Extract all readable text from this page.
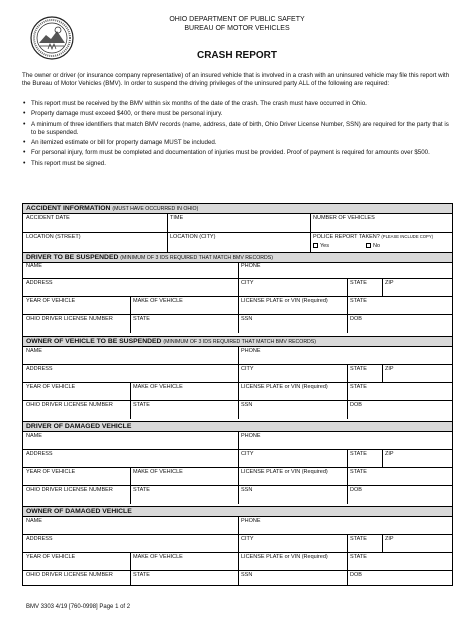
OHIO DEPARTMENT OF PUBLIC SAFETY
BUREAU OF MOTOR VEHICLES
CRASH REPORT
The owner or driver (or insurance company representative) of an insured vehicle that is involved in a crash with an uninsured vehicle may file this report with the Bureau of Motor Vehicles (BMV). In order to suspend the driving privileges of the uninsured party ALL of the following are required:
• This report must be received by the BMV within six months of the date of the crash. The crash must have occurred in Ohio.
• Property damage must exceed $400, or there must be personal injury.
• A minimum of three identifiers that match BMV records (name, address, date of birth, Ohio Driver License Number, SSN) are required for the party that is to be suspended.
• An itemized estimate or bill for property damage MUST be included.
• For personal injury, form must be completed and documentation of injuries must be provided. Proof of payment is required for amounts over $500.
• This report must be signed.
ACCIDENT INFORMATION (MUST HAVE OCCURRED IN OHIO)
ACCIDENT DATE	TIME	NUMBER OF VEHICLES
LOCATION (STREET)	LOCATION (CITY)	POLICE REPORT TAKEN? (PLEASE INCLUDE COPY)
Yes	No
DRIVER TO BE SUSPENDED (MINIMUM OF 3 IDS REQUIRED THAT MATCH BMV RECORDS)
NAME	PHONE
ADDRESS	CITY	STATE	ZIP
YEAR OF VEHICLE	MAKE OF VEHICLE	LICENSE PLATE or VIN (Required)	STATE
OHIO DRIVER LICENSE NUMBER	STATE	SSN	DOB
OWNER OF VEHICLE TO BE SUSPENDED (MINIMUM OF 3 IDS REQUIRED THAT MATCH BMV RECORDS)
NAME	PHONE
ADDRESS	CITY	STATE	ZIP
YEAR OF VEHICLE	MAKE OF VEHICLE	LICENSE PLATE or VIN (Required)	STATE
OHIO DRIVER LICENSE NUMBER	STATE	SSN	DOB
DRIVER OF DAMAGED VEHICLE
NAME	PHONE
ADDRESS	CITY	STATE	ZIP
YEAR OF VEHICLE	MAKE OF VEHICLE	LICENSE PLATE or VIN (Required)	STATE
OHIO DRIVER LICENSE NUMBER	STATE	SSN	DOB
OWNER OF DAMAGED VEHICLE
NAME	PHONE
ADDRESS	CITY	STATE	ZIP
YEAR OF VEHICLE	MAKE OF VEHICLE	LICENSE PLATE or VIN (Required)	STATE
OHIO DRIVER LICENSE NUMBER	STATE	SSN	DOB
BMV 3303 4/19 [760-0998] Page 1 of 2
